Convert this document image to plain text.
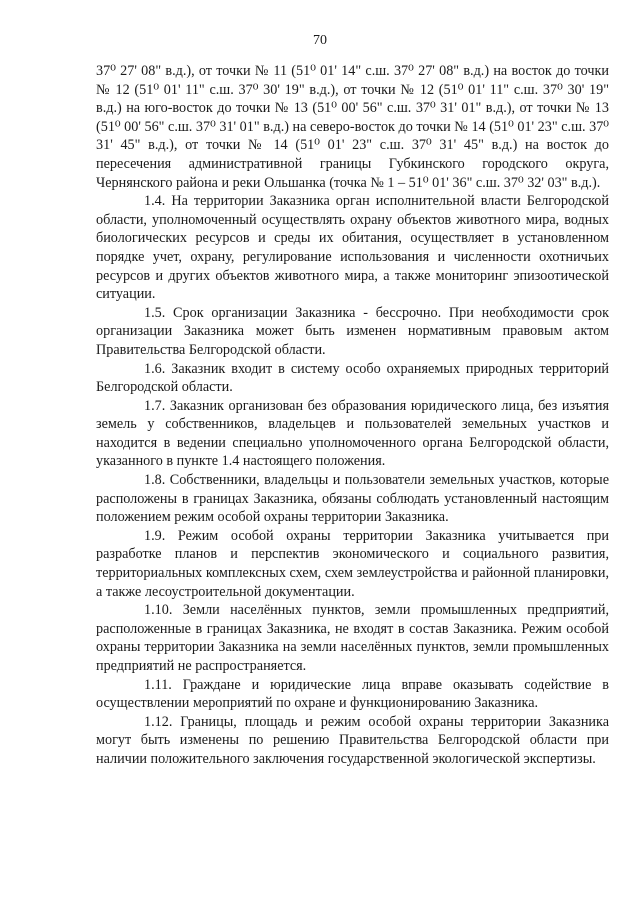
70

37⁰ 27' 08" в.д.), от точки № 11 (51⁰ 01' 14" с.ш. 37⁰ 27' 08" в.д.) на восток до точки № 12 (51⁰ 01' 11" с.ш. 37⁰ 30' 19" в.д.), от точки № 12 (51⁰ 01' 11" с.ш. 37⁰ 30' 19" в.д.) на юго-восток до точки № 13 (51⁰ 00' 56" с.ш. 37⁰ 31' 01" в.д.), от точки № 13 (51⁰ 00' 56" с.ш. 37⁰ 31' 01" в.д.) на северо-восток до точки № 14 (51⁰ 01' 23" с.ш. 37⁰ 31' 45" в.д.), от точки № 14 (51⁰ 01' 23" с.ш. 37⁰ 31' 45" в.д.) на восток до пересечения административной границы Губкинского городского округа, Чернянского района и реки Ольшанка (точка № 1 – 51⁰ 01' 36" с.ш. 37⁰ 32' 03" в.д.).

1.4. На территории Заказника орган исполнительной власти Белгородской области, уполномоченный осуществлять охрану объектов животного мира, водных биологических ресурсов и среды их обитания, осуществляет в установленном порядке учет, охрану, регулирование использования и численности охотничьих ресурсов и других объектов животного мира, а также мониторинг эпизоотической ситуации.

1.5. Срок организации Заказника - бессрочно. При необходимости срок организации Заказника может быть изменен нормативным правовым актом Правительства Белгородской области.

1.6. Заказник входит в систему особо охраняемых природных территорий Белгородской области.

1.7. Заказник организован без образования юридического лица, без изъятия земель у собственников, владельцев и пользователей земельных участков и находится в ведении специально уполномоченного органа Белгородской области, указанного в пункте 1.4 настоящего положения.

1.8. Собственники, владельцы и пользователи земельных участков, которые расположены в границах Заказника, обязаны соблюдать установленный настоящим положением режим особой охраны территории Заказника.

1.9. Режим особой охраны территории Заказника учитывается при разработке планов и перспектив экономического и социального развития, территориальных комплексных схем, схем землеустройства и районной планировки, а также лесоустроительной документации.

1.10. Земли населённых пунктов, земли промышленных предприятий, расположенные в границах Заказника, не входят в состав Заказника. Режим особой охраны территории Заказника на земли населённых пунктов, земли промышленных предприятий не распространяется.

1.11. Граждане и юридические лица вправе оказывать содействие в осуществлении мероприятий по охране и функционированию Заказника.

1.12. Границы, площадь и режим особой охраны территории Заказника могут быть изменены по решению Правительства Белгородской области при наличии положительного заключения государственной экологической экспертизы.
